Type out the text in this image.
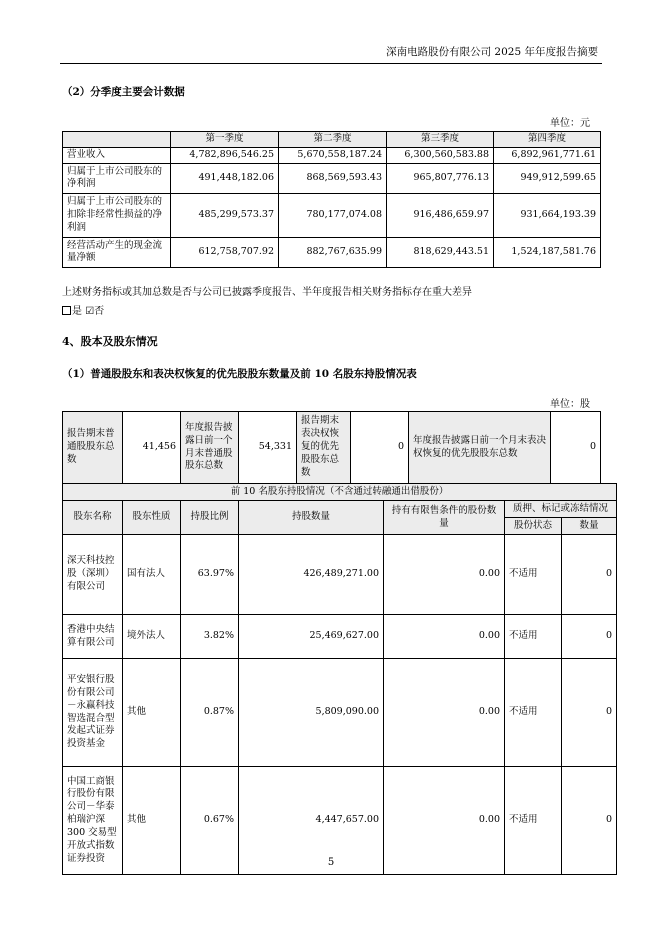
深南电路股份有限公司 2025 年年度报告摘要
（2）分季度主要会计数据
单位：元
	第一季度	第二季度	第三季度	第四季度
营业收入	4,782,896,546.25	5,670,558,187.24	6,300,560,583.88	6,892,961,771.61
归属于上市公司股东的净利润	491,448,182.06	868,569,593.43	965,807,776.13	949,912,599.65
归属于上市公司股东的扣除非经常性损益的净利润	485,299,573.37	780,177,074.08	916,486,659.97	931,664,193.39
经营活动产生的现金流量净额	612,758,707.92	882,767,635.99	818,629,443.51	1,524,187,581.76
上述财务指标或其加总数是否与公司已披露季度报告、半年度报告相关财务指标存在重大差异
是 ☑否
4、股本及股东情况
（1）普通股股东和表决权恢复的优先股股东数量及前 10 名股东持股情况表
单位：股
报告期末普通股股东总数	41,456	年度报告披露日前一个月末普通股股东总数	54,331	报告期末表决权恢复的优先股股东总数	0	年度报告披露日前一个月末表决权恢复的优先股股东总数	0
前 10 名股东持股情况（不含通过转融通出借股份）						
股东名称	股东性质	持股比例	持股数量	持有有限售条件的股份数量	质押、标记或冻结情况	
					股份状态	数量
深天科技控股（深圳）有限公司	国有法人	63.97%	426,489,271.00	0.00	不适用	0
香港中央结算有限公司	境外法人	3.82%	25,469,627.00	0.00	不适用	0
平安银行股份有限公司－永赢科技智选混合型发起式证券投资基金	其他	0.87%	5,809,090.00	0.00	不适用	0
中国工商银行股份有限公司－华泰柏瑞沪深 300 交易型开放式指数证券投资	其他	0.67%	4,447,657.00	0.00	不适用	0
5
